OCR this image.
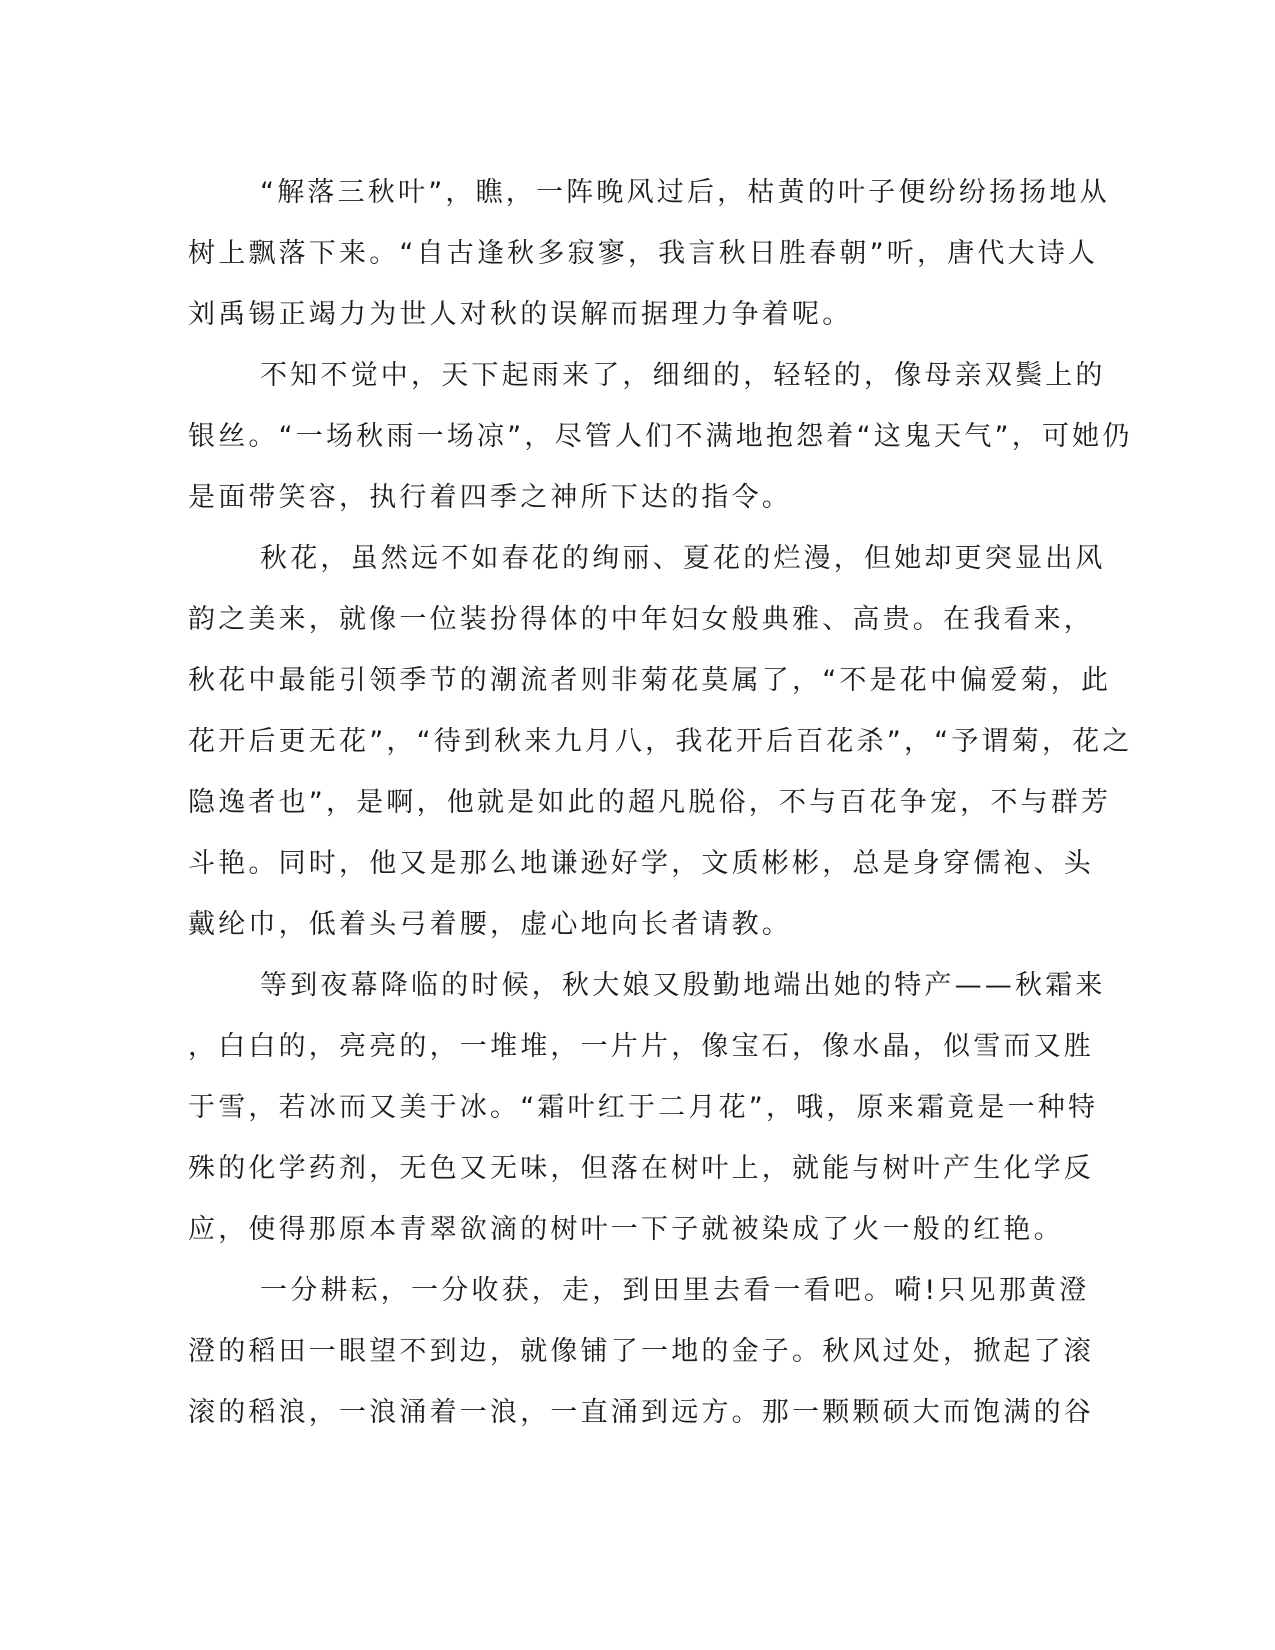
“解落三秋叶”，瞧，一阵晚风过后，枯黄的叶子便纷纷扬扬地从
树上飘落下来。“自古逢秋多寂寥，我言秋日胜春朝”听，唐代大诗人
刘禹锡正竭力为世人对秋的误解而据理力争着呢。
不知不觉中，天下起雨来了，细细的，轻轻的，像母亲双鬓上的
银丝。“一场秋雨一场凉”，尽管人们不满地抱怨着“这鬼天气”，可她仍
是面带笑容，执行着四季之神所下达的指令。
秋花，虽然远不如春花的绚丽、夏花的烂漫，但她却更突显出风
韵之美来，就像一位装扮得体的中年妇女般典雅、高贵。在我看来，
秋花中最能引领季节的潮流者则非菊花莫属了，“不是花中偏爱菊，此
花开后更无花”，“待到秋来九月八，我花开后百花杀”，“予谓菊，花之
隐逸者也”，是啊，他就是如此的超凡脱俗，不与百花争宠，不与群芳
斗艳。同时，他又是那么地谦逊好学，文质彬彬，总是身穿儒袍、头
戴纶巾，低着头弓着腰，虚心地向长者请教。
等到夜幕降临的时候，秋大娘又殷勤地端出她的特产——秋霜来
，白白的，亮亮的，一堆堆，一片片，像宝石，像水晶，似雪而又胜
于雪，若冰而又美于冰。“霜叶红于二月花”，哦，原来霜竟是一种特
殊的化学药剂，无色又无味，但落在树叶上，就能与树叶产生化学反
应，使得那原本青翠欲滴的树叶一下子就被染成了火一般的红艳。
一分耕耘，一分收获，走，到田里去看一看吧。嗬!只见那黄澄
澄的稻田一眼望不到边，就像铺了一地的金子。秋风过处，掀起了滚
滚的稻浪，一浪涌着一浪，一直涌到远方。那一颗颗硕大而饱满的谷
